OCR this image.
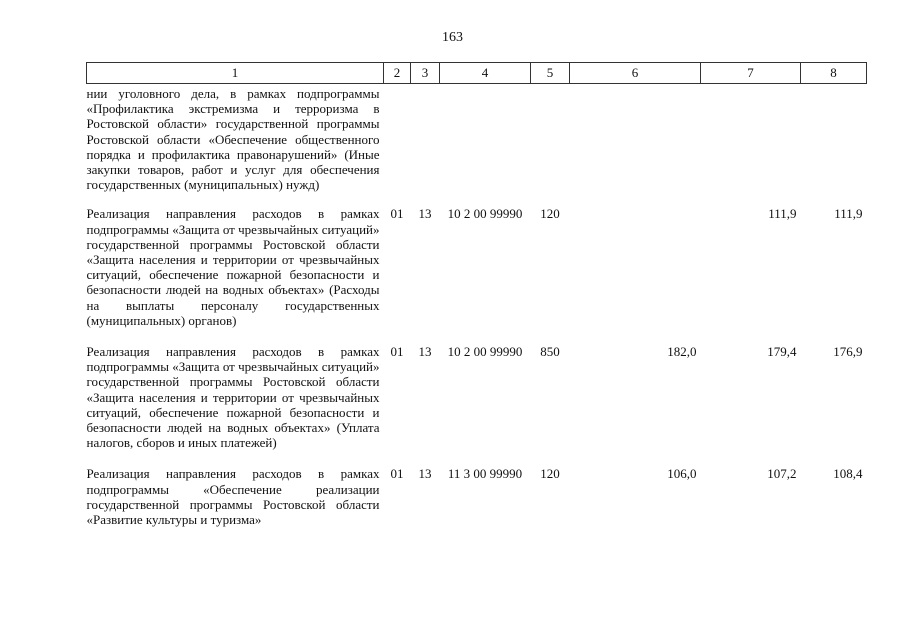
163
1	2	3	4	5	6	7	8
нии уголовного дела, в рамках подпрограммы «Профилактика экстремизма и терроризма в Ростовской области» государственной программы Ростовской области «Обеспечение общественного порядка и профилактика правонарушений» (Иные закупки товаров, работ и услуг для обеспечения государственных (муниципальных) нужд)							
Реализация направления расходов в рамках подпрограммы «Защита от чрезвычайных ситуаций» государственной программы Ростовской области «Защита населения и территории от чрезвычайных ситуаций, обеспечение пожарной безопасности и безопасности людей на водных объектах» (Расходы на выплаты персоналу государственных (муниципальных) органов)	01	13	10 2 00 99990	120		111,9	111,9
Реализация направления расходов в рамках подпрограммы «Защита от чрезвычайных ситуаций» государственной программы Ростовской области «Защита населения и территории от чрезвычайных ситуаций, обеспечение пожарной безопасности и безопасности людей на водных объектах» (Уплата налогов, сборов и иных платежей)	01	13	10 2 00 99990	850	182,0	179,4	176,9
Реализация направления расходов в рамках подпрограммы «Обеспечение реализации государственной программы Ростовской области «Развитие культуры и туризма»	01	13	11 3 00 99990	120	106,0	107,2	108,4
